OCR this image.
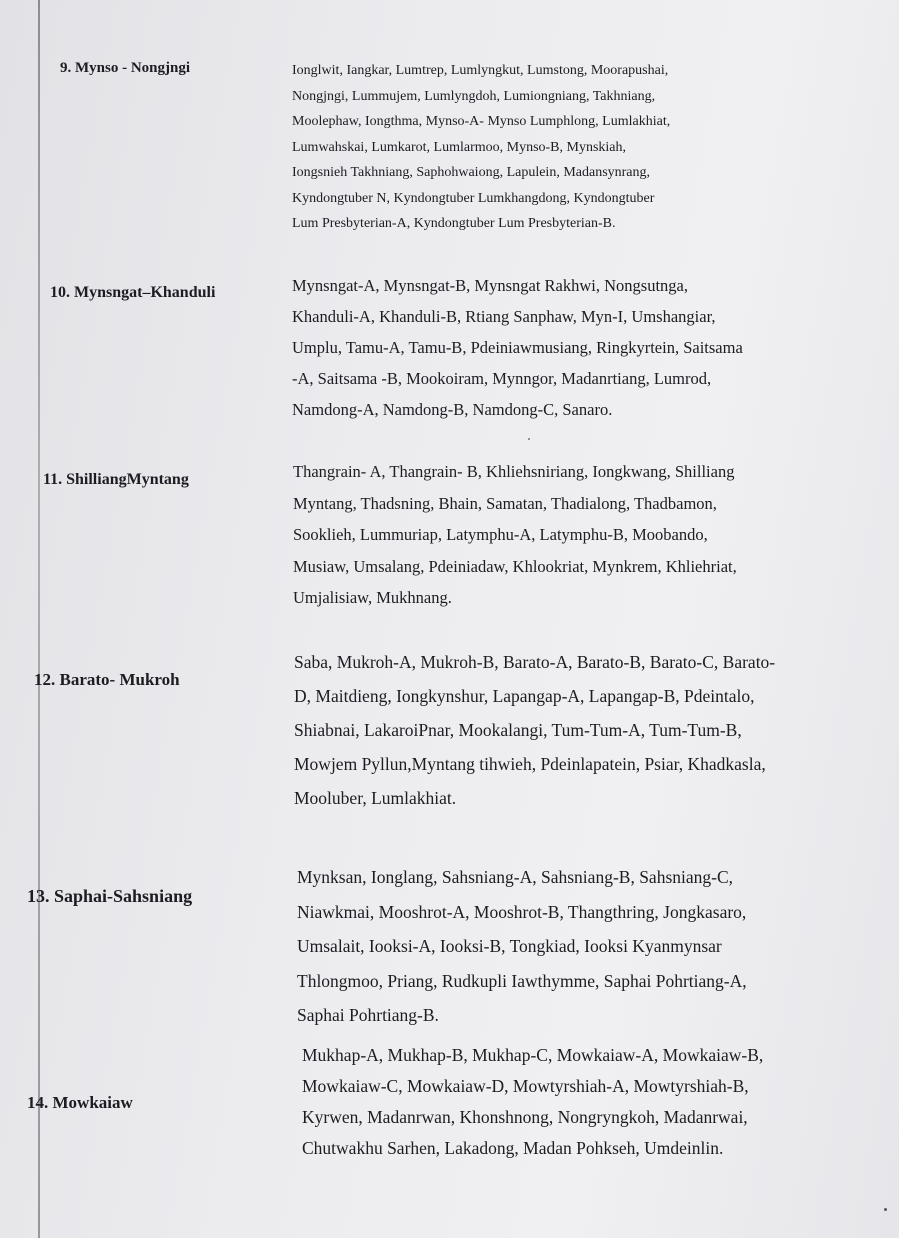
9. Mynso - Nongjngi	Ionglwit, Iangkar, Lumtrep, Lumlyngkut, Lumstong, Moorapushai,
Nongjngi, Lummujem, Lumlyngdoh, Lumiongniang, Takhniang,
Moolephaw, Iongthma, Mynso-A- Mynso Lumphlong, Lumlakhiat,
Lumwahskai, Lumkarot, Lumlarmoo, Mynso-B, Mynskiah,
Iongsnieh Takhniang, Saphohwaiong, Lapulein, Madansynrang,
Kyndongtuber N, Kyndongtuber Lumkhangdong, Kyndongtuber
Lum Presbyterian-A, Kyndongtuber Lum Presbyterian-B.
10. Mynsngat–Khanduli	Mynsngat-A, Mynsngat-B, Mynsngat Rakhwi, Nongsutnga,
Khanduli-A, Khanduli-B, Rtiang Sanphaw, Myn-I, Umshangiar,
Umplu, Tamu-A, Tamu-B, Pdeiniawmusiang, Ringkyrtein, Saitsama
-A, Saitsama -B, Mookoiram, Mynngor, Madanrtiang, Lumrod,
Namdong-A, Namdong-B, Namdong-C, Sanaro.
11. ShilliangMyntang	Thangrain- A, Thangrain- B, Khliehsniriang, Iongkwang, Shilliang
Myntang, Thadsning, Bhain, Samatan, Thadialong, Thadbamon,
Sooklieh, Lummuriap, Latymphu-A, Latymphu-B, Moobando,
Musiaw, Umsalang, Pdeiniadaw, Khlookriat, Mynkrem, Khliehriat,
Umjalisiaw, Mukhnang.
12. Barato- Mukroh
Saba, Mukroh-A, Mukroh-B, Barato-A, Barato-B, Barato-C, Barato-
D, Maitdieng, Iongkynshur, Lapangap-A, Lapangap-B, Pdeintalo,
Shiabnai, LakaroiPnar, Mookalangi, Tum-Tum-A, Tum-Tum-B,
Mowjem Pyllun,Myntang tihwieh, Pdeinlapatein, Psiar, Khadkasla,
Mooluber, Lumlakhiat.
13. Saphai-Sahsniang
Mynksan, Ionglang, Sahsniang-A, Sahsniang-B, Sahsniang-C,
Niawkmai, Mooshrot-A, Mooshrot-B, Thangthring, Jongkasaro,
Umsalait, Iooksi-A, Iooksi-B, Tongkiad, Iooksi Kyanmynsar
Thlongmoo, Priang, Rudkupli Iawthymme, Saphai Pohrtiang-A,
Saphai Pohrtiang-B.
14. Mowkaiaw
Mukhap-A, Mukhap-B, Mukhap-C, Mowkaiaw-A, Mowkaiaw-B,
Mowkaiaw-C, Mowkaiaw-D, Mowtyrshiah-A, Mowtyrshiah-B,
Kyrwen, Madanrwan, Khonshnong, Nongryngkoh, Madanrwai,
Chutwakhu Sarhen, Lakadong, Madan Pohkseh, Umdeinlin.
